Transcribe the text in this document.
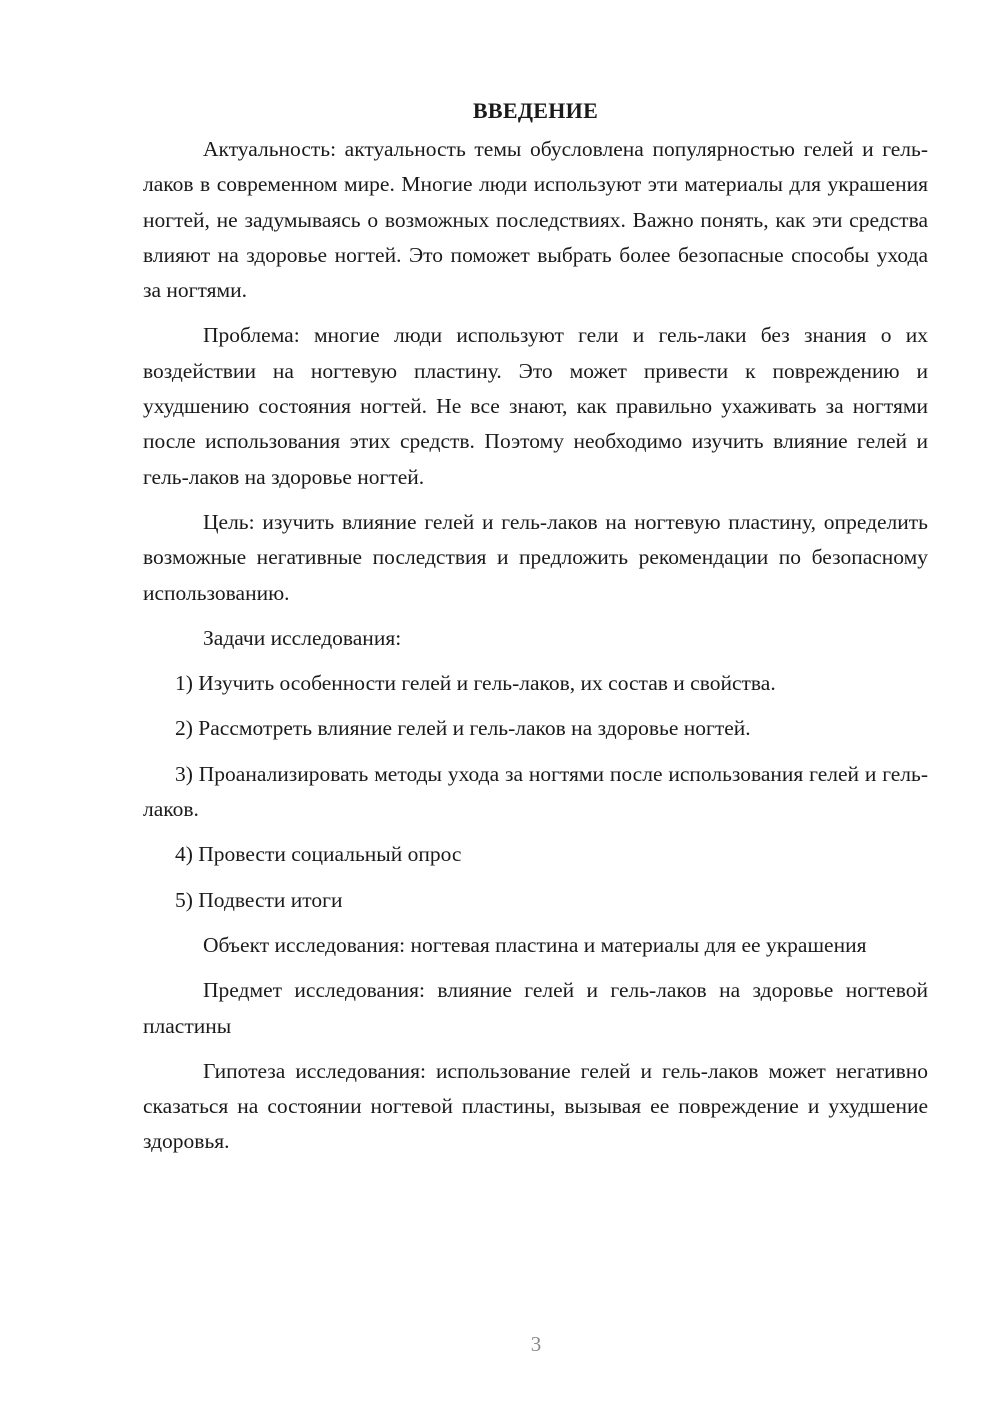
ВВЕДЕНИЕ

Актуальность: актуальность темы обусловлена популярностью гелей и гель-лаков в современном мире. Многие люди используют эти материалы для украшения ногтей, не задумываясь о возможных последствиях. Важно понять, как эти средства влияют на здоровье ногтей. Это поможет выбрать более безопасные способы ухода за ногтями.

Проблема: многие люди используют гели и гель-лаки без знания о их воздействии на ногтевую пластину. Это может привести к повреждению и ухудшению состояния ногтей. Не все знают, как правильно ухаживать за ногтями после использования этих средств. Поэтому необходимо изучить влияние гелей и гель-лаков на здоровье ногтей.

Цель: изучить влияние гелей и гель-лаков на ногтевую пластину, определить возможные негативные последствия и предложить рекомендации по безопасному использованию.

Задачи исследования:

1) Изучить особенности гелей и гель-лаков, их состав и свойства.

2) Рассмотреть влияние гелей и гель-лаков на здоровье ногтей.

3) Проанализировать методы ухода за ногтями после использования гелей и гель-лаков.

4) Провести социальный опрос

5) Подвести итоги

Объект исследования: ногтевая пластина и материалы для ее украшения

Предмет исследования: влияние гелей и гель-лаков на здоровье ногтевой пластины

Гипотеза исследования: использование гелей и гель-лаков может негативно сказаться на состоянии ногтевой пластины, вызывая ее повреждение и ухудшение здоровья.

3
